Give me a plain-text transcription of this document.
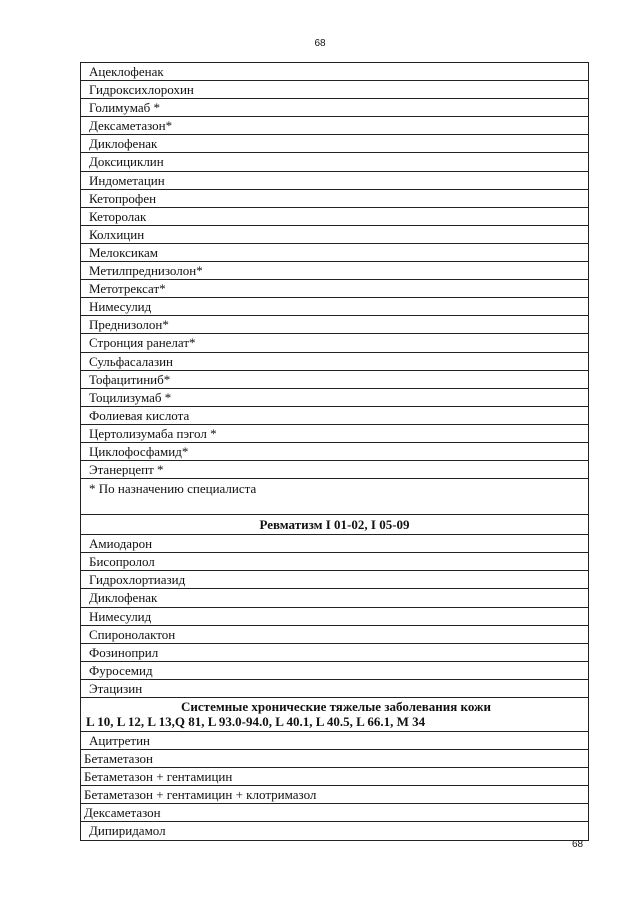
68
Ацеклофенак
Гидроксихлорохин
Голимумаб *
Дексаметазон*
Диклофенак
Доксициклин
Индометацин
Кетопрофен
Кеторолак
Колхицин
Мелоксикам
Метилпреднизолон*
Метотрексат*
Нимесулид
Преднизолон*
Стронция ранелат*
Сульфасалазин
Тофацитиниб*
Тоцилизумаб *
Фолиевая кислота
Цертолизумаба пэгол *
Циклофосфамид*
Этанерцепт *
* По назначению специалиста
Ревматизм I 01-02, I 05-09
Амиодарон
Бисопролол
Гидрохлортиазид
Диклофенак
Нимесулид
Спиронолактон
Фозиноприл
Фуросемид
Этацизин
Системные хронические тяжелые заболевания кожи
L 10, L 12, L 13,Q 81, L 93.0-94.0, L 40.1, L 40.5, L 66.1, M 34
Ацитретин
Бетаметазон
Бетаметазон + гентамицин
Бетаметазон + гентамицин + клотримазол
Дексаметазон
Дипиридамол
68
